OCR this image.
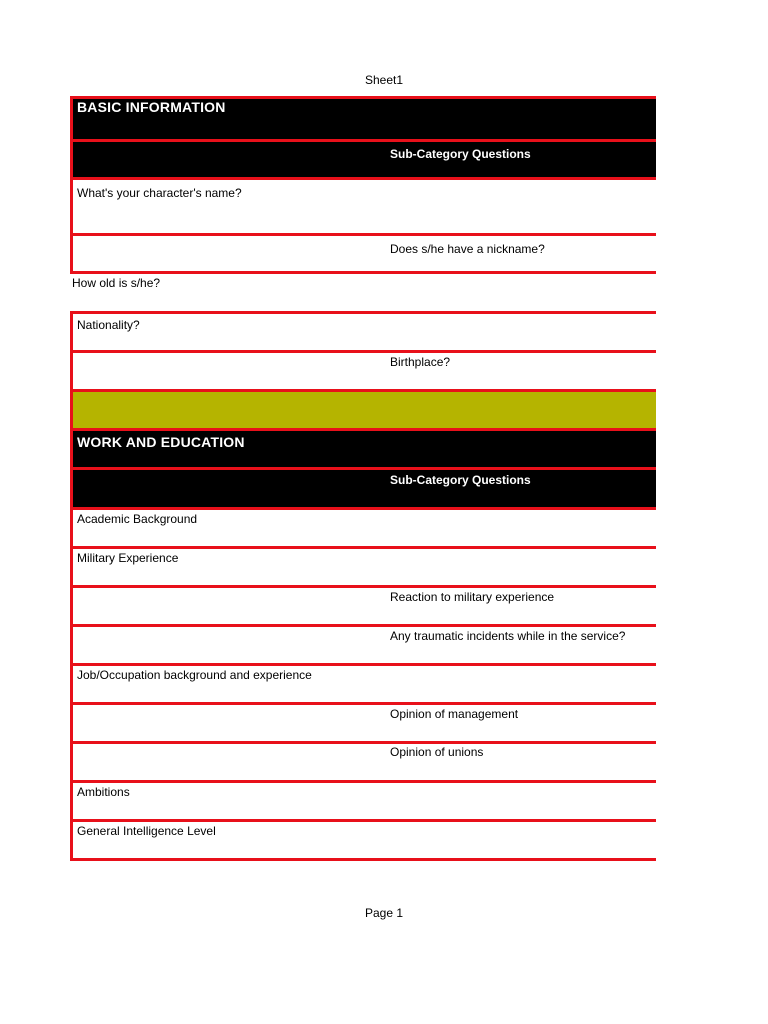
Sheet1
BASIC INFORMATION
Sub-Category Questions
What's your character's name?
Does s/he have a nickname?
How old is s/he?
Nationality?
Birthplace?
WORK AND EDUCATION
Sub-Category Questions
Academic Background
Military Experience
Reaction to military experience
Any traumatic incidents while in the service?
Job/Occupation background and experience
Opinion of management
Opinion of unions
Ambitions
General Intelligence Level
Page 1
